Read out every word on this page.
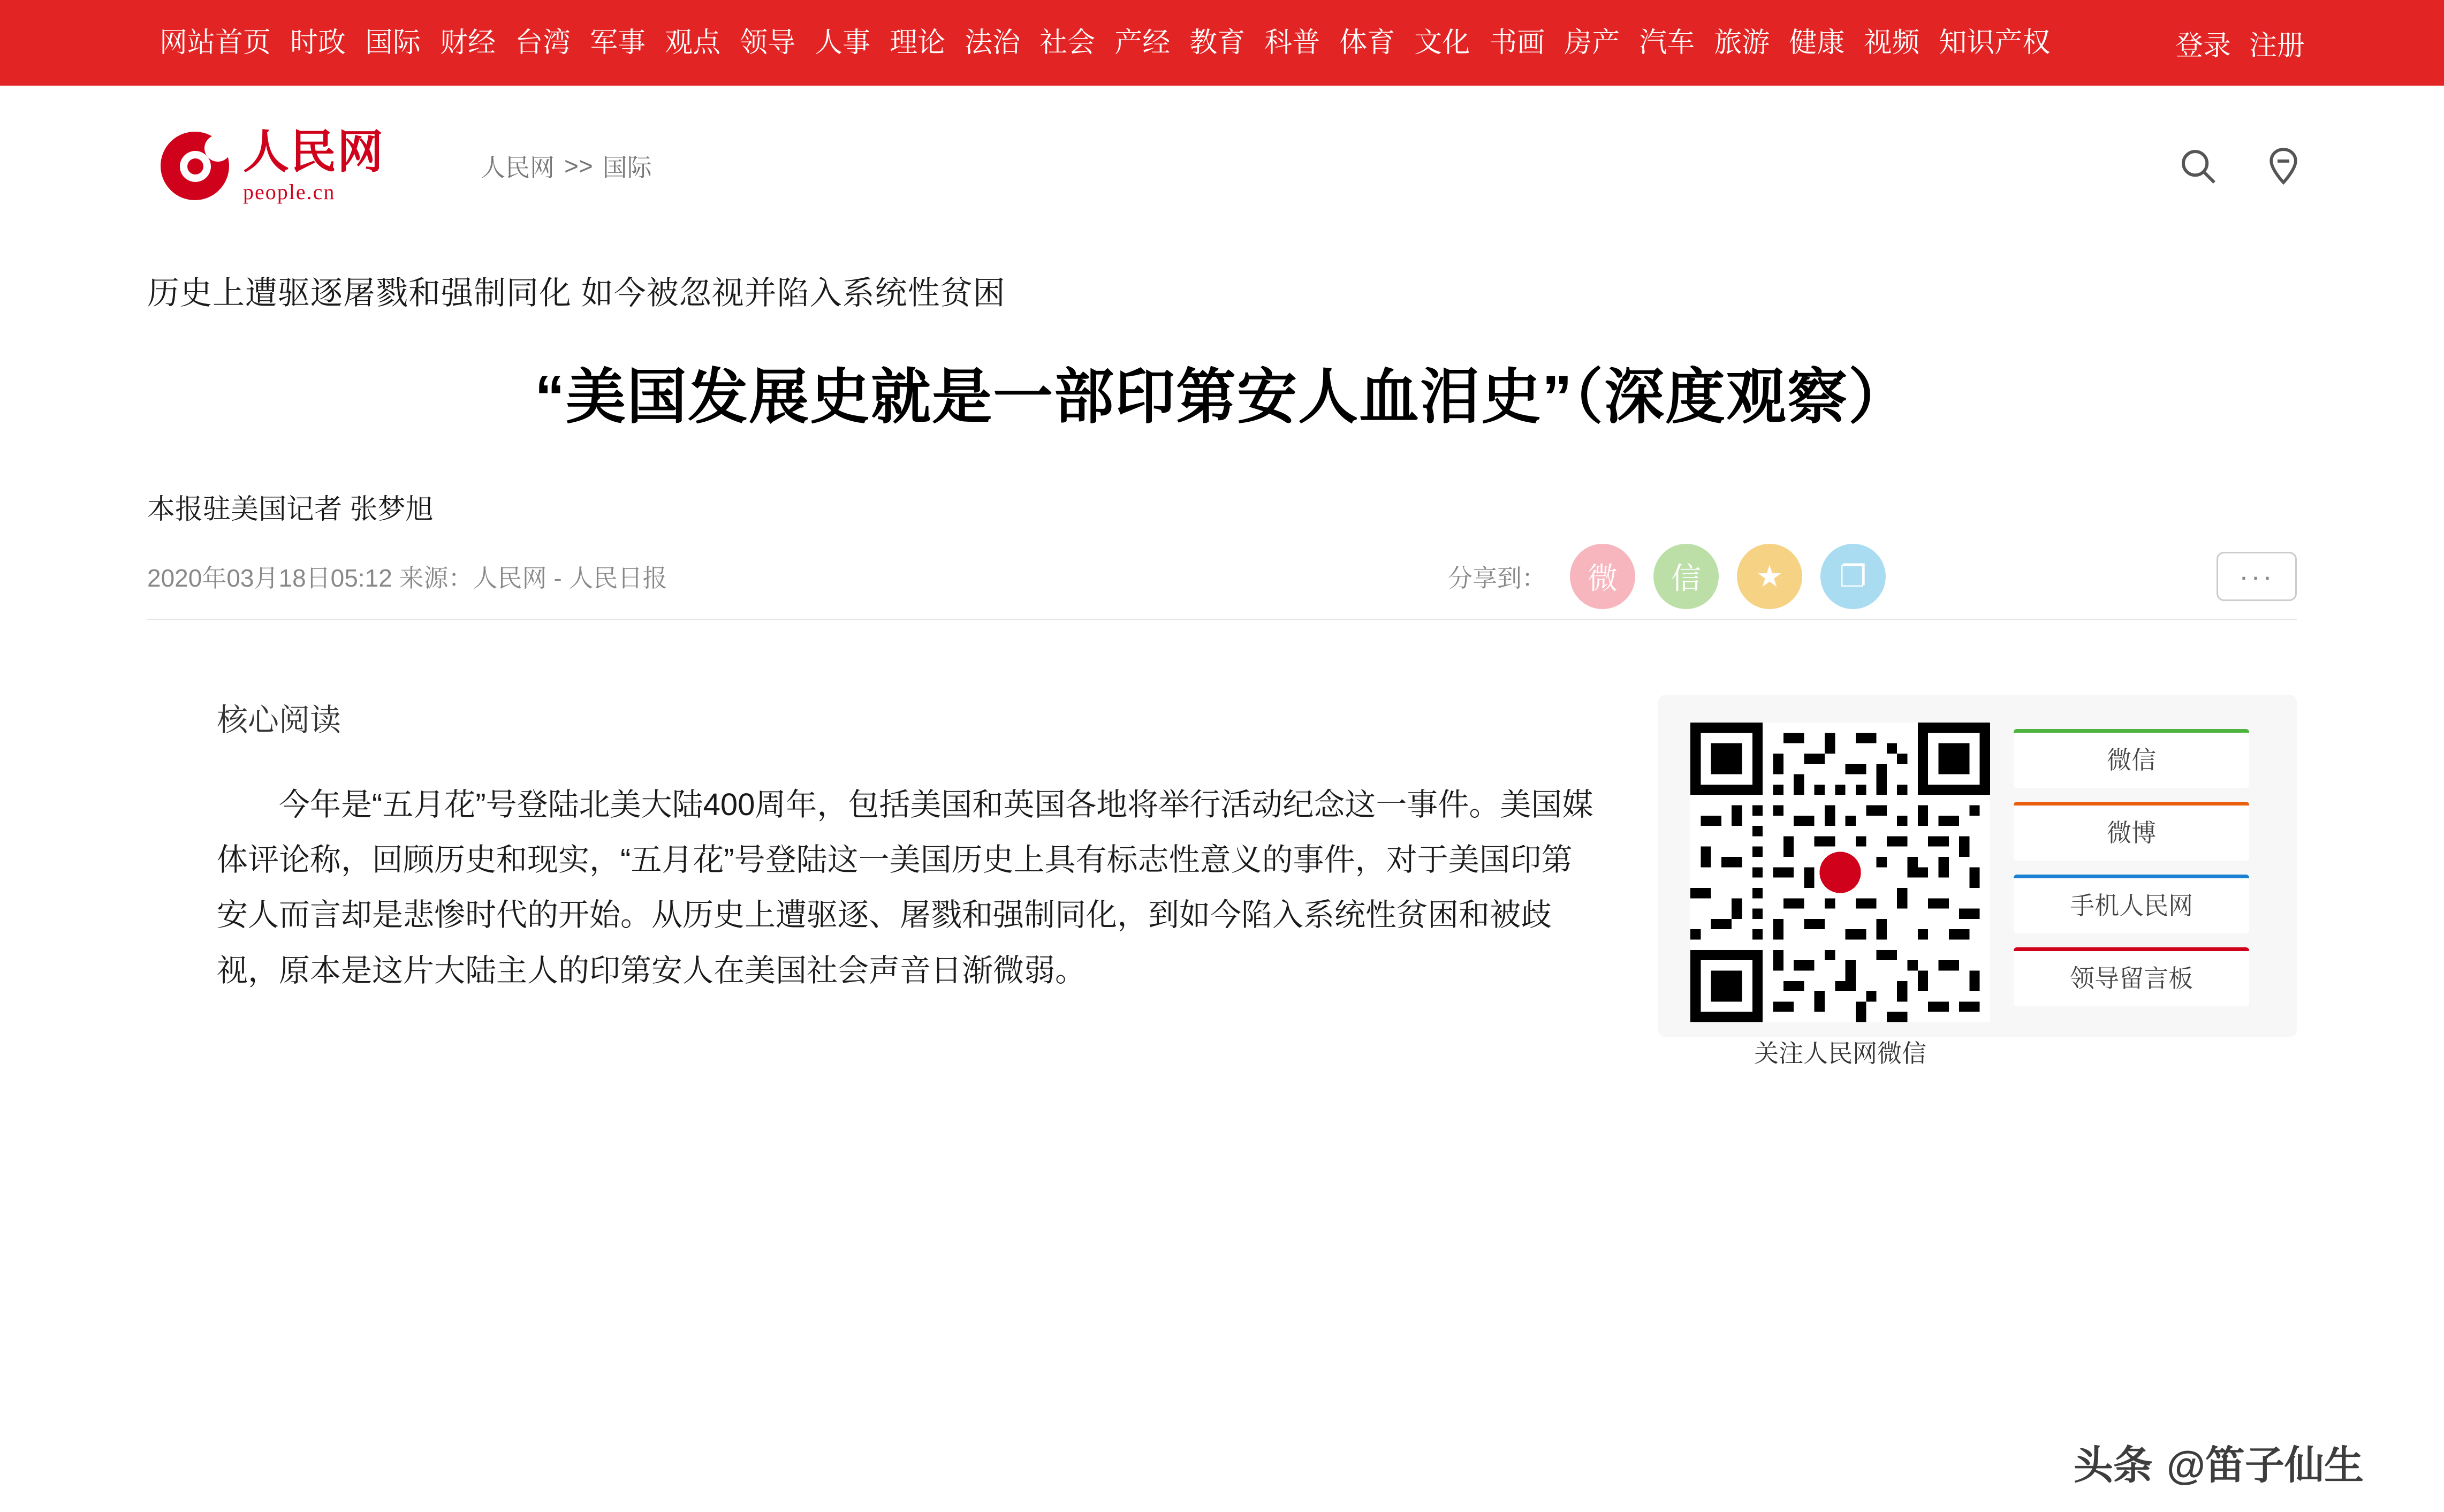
网站首页 时政 国际 财经 台湾 军事 观点 领导 人事 理论 法治 社会 产经 教育 科普 体育 文化 书画 房产 汽车 旅游 健康 视频 知识产权	登录 注册
人民网
people.cn
人民网 >> 国际
历史上遭驱逐屠戮和强制同化 如今被忽视并陷入系统性贫困
“美国发展史就是一部印第安人血泪史”（深度观察）
本报驻美国记者 张梦旭
2020年03月18日05:12 来源：人民网 - 人民日报	分享到：	微	信	★	❐	···
核心阅读

今年是“五月花”号登陆北美大陆400周年，包括美国和英国各地将举行活动纪念这一事件。美国媒体评论称，回顾历史和现实，“五月花”号登陆这一美国历史上具有标志性意义的事件，对于美国印第安人而言却是悲惨时代的开始。从历史上遭驱逐、屠戮和强制同化，到如今陷入系统性贫困和被歧视，原本是这片大陆主人的印第安人在美国社会声音日渐微弱。

关注人民网微信
微信
微博
手机人民网
领导留言板
头条 @笛子仙生
